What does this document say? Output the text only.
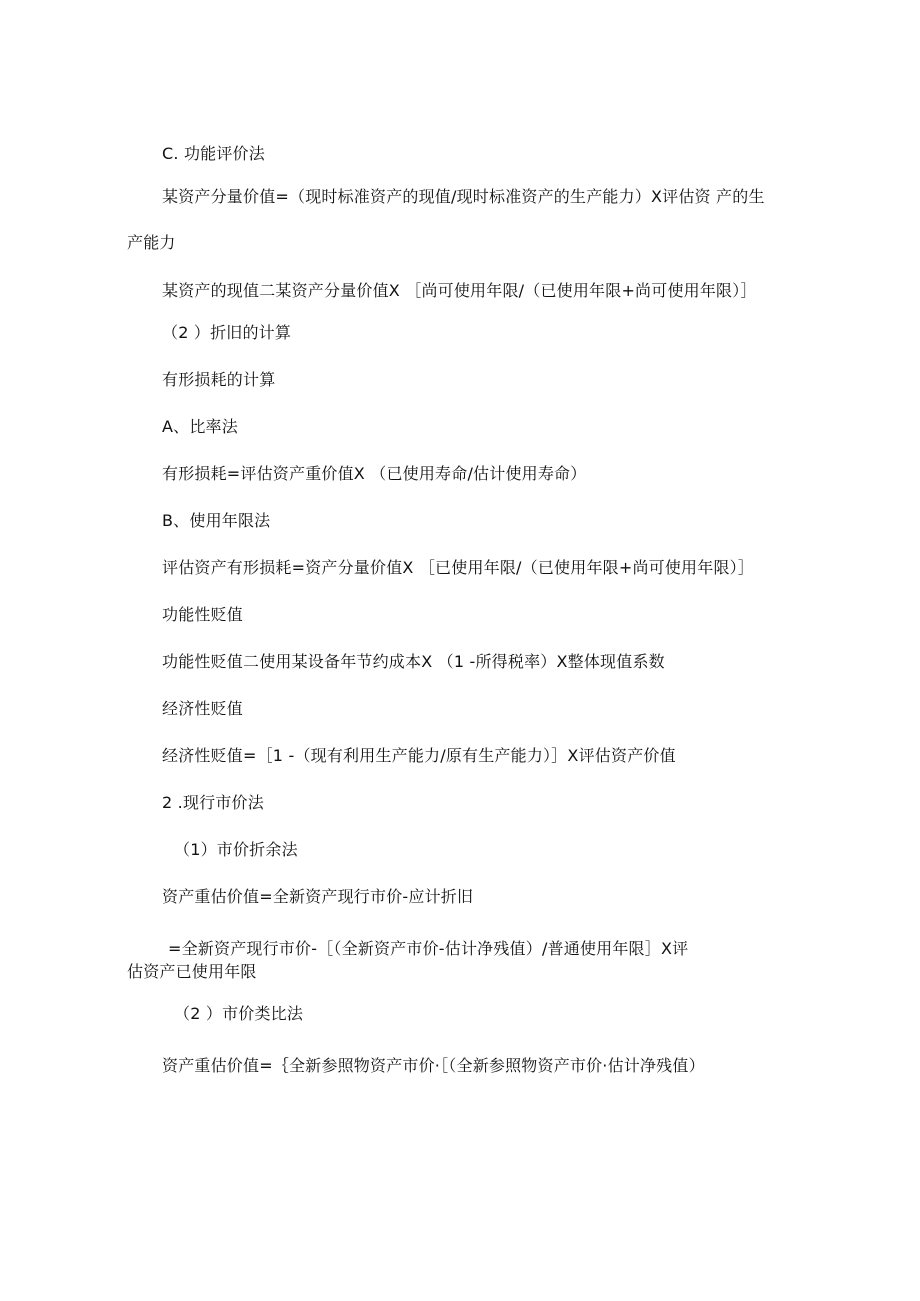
C. 功能评价法
某资产分量价值=（现时标准资产的现值/现时标准资产的生产能力）X评估资 产的生
产能力
某资产的现值二某资产分量价值X ［尚可使用年限/（已使用年限+尚可使用年限）］
（2 ）折旧的计算
有形损耗的计算
A、比率法
有形损耗=评估资产重价值X （已使用寿命/估计使用寿命）
B、使用年限法
评估资产有形损耗=资产分量价值X ［已使用年限/（已使用年限+尚可使用年限）］
功能性贬值
功能性贬值二使用某设备年节约成本X （1 -所得税率）X整体现值系数
经济性贬值
经济性贬值=［1 -（现有利用生产能力/原有生产能力）］X评估资产价值
2 .现行市价法
（1）市价折余法
资产重估价值=全新资产现行市价-应计折旧
=全新资产现行市价-［（全新资产市价-估计净残值）/普通使用年限］X评
估资产已使用年限
（2 ）市价类比法
资产重估价值=｛全新参照物资产市价·［（全新参照物资产市价·估计净残值）
